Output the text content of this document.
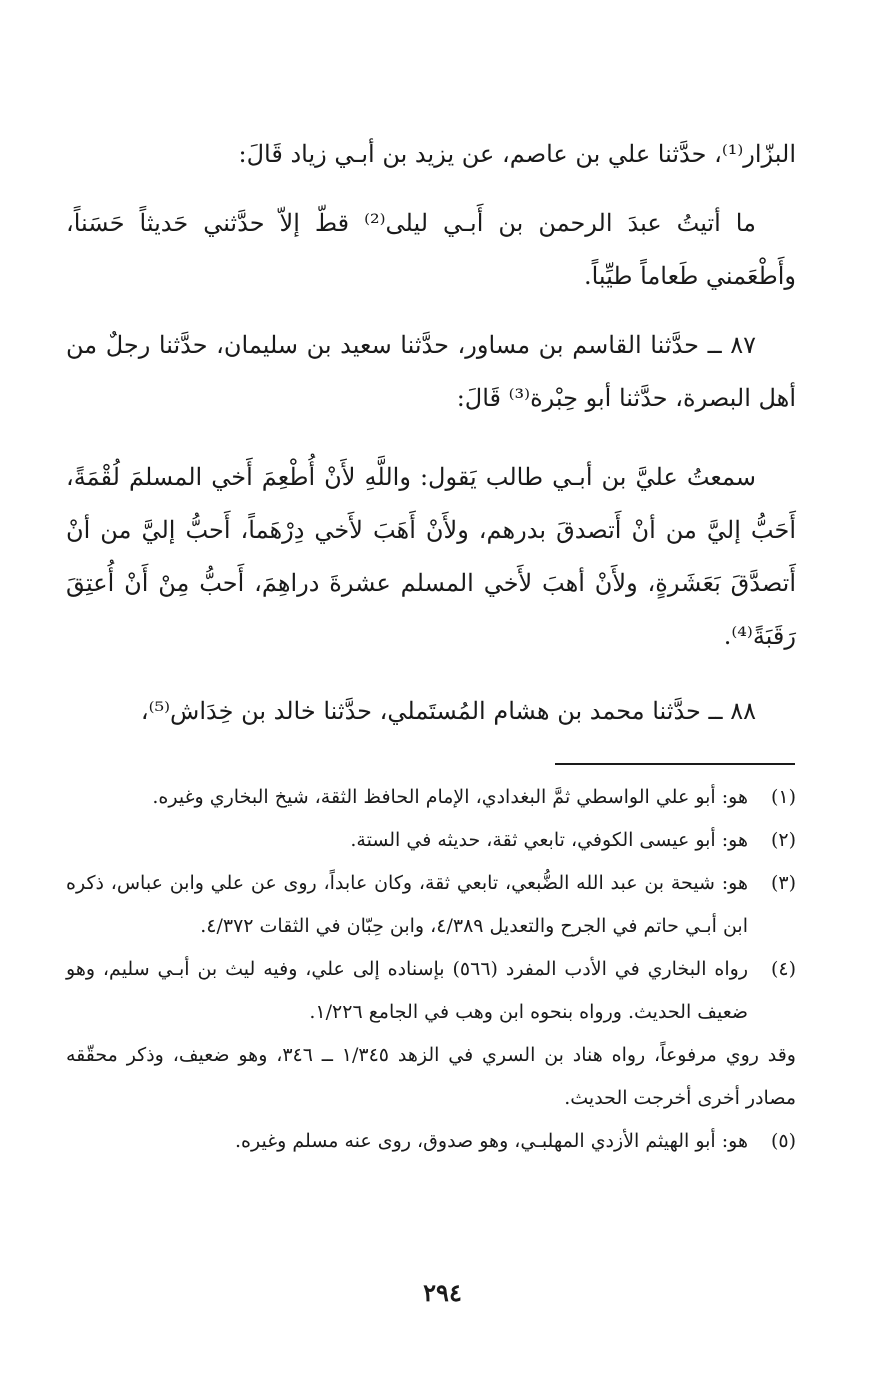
البزّار⁽¹⁾، حدَّثنا علي بن عاصم، عن يزيد بن أبـي زياد قَالَ:

ما أتيتُ عبدَ الرحمن بن أَبـي ليلى⁽²⁾ قطّ إلاّ حدَّثني حَديثاً حَسَناً، وأَطْعَمني طَعاماً طيِّباً.

٨٧ ــ حدَّثنا القاسم بن مساور، حدَّثنا سعيد بن سليمان، حدَّثنا رجلٌ من أهل البصرة، حدَّثنا أبو حِبْرة⁽³⁾ قَالَ:

سمعتُ عليَّ بن أبـي طالب يَقول: واللَّهِ لأَنْ أُطْعِمَ أَخي المسلمَ لُقْمَةً، أَحَبُّ إليَّ من أنْ أَتصدقَ بدرهم، ولأَنْ أَهَبَ لأَخي دِرْهَماً، أَحبُّ إليَّ من أنْ أَتصدَّقَ بَعَشَرةٍ، ولأَنْ أهبَ لأَخي المسلم عشرةَ دراهِمَ، أَحبُّ مِنْ أَنْ أُعتِقَ رَقَبَةً⁽⁴⁾.

٨٨ ــ حدَّثنا محمد بن هشام المُستَملي، حدَّثنا خالد بن خِدَاش⁽⁵⁾،

(١)
هو: أبو علي الواسطي ثمَّ البغدادي، الإمام الحافظ الثقة، شيخ البخاري وغيره.
(٢)
هو: أبو عيسى الكوفي، تابعي ثقة، حديثه في الستة.
(٣)
هو: شيحة بن عبد الله الضُّبعي، تابعي ثقة، وكان عابداً، روى عن علي وابن عباس، ذكره ابن أبـي حاتم في الجرح والتعديل ٤/٣٨٩، وابن حِبّان في الثقات ٤/٣٧٢.
(٤)
رواه البخاري في الأدب المفرد (٥٦٦) بإسناده إلى علي، وفيه ليث بن أبـي سليم، وهو ضعيف الحديث. ورواه بنحوه ابن وهب في الجامع ١/٢٢٦.
وقد روي مرفوعاً، رواه هناد بن السري في الزهد ١/٣٤٥ ــ ٣٤٦، وهو ضعيف، وذكر محقّقه مصادر أخرى أخرجت الحديث.
(٥)
هو: أبو الهيثم الأزدي المهلبـي، وهو صدوق، روى عنه مسلم وغيره.
٢٩٤
